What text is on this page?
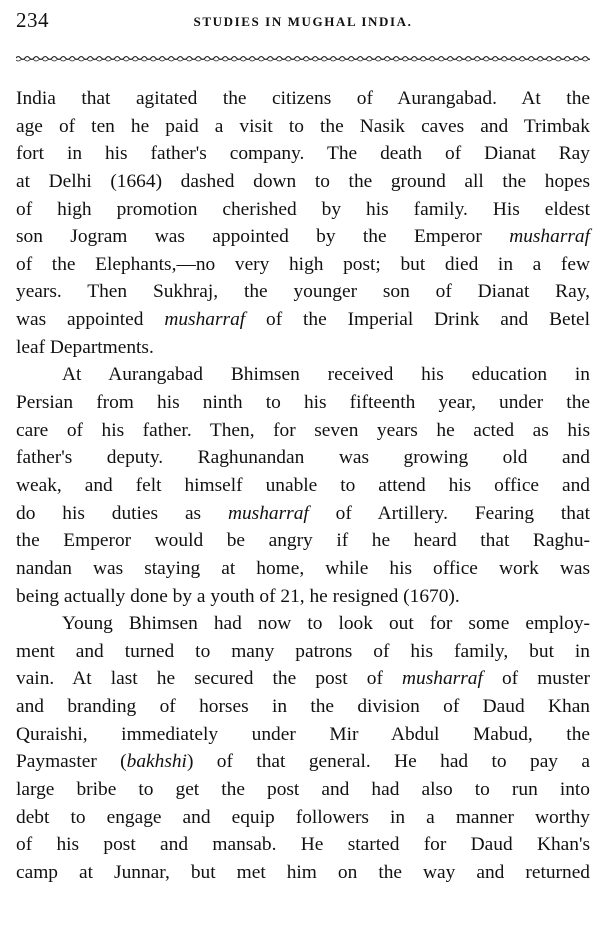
234	STUDIES IN MUGHAL INDIA.
India that agitated the citizens of Aurangabad. At the
age of ten he paid a visit to the Nasik caves and Trimbak
fort in his father's company. The death of Dianat Ray
at Delhi (1664) dashed down to the ground all the hopes
of high promotion cherished by his family. His eldest
son Jogram was appointed by the Emperor musharraf
of the Elephants,—no very high post; but died in a few
years. Then Sukhraj, the younger son of Dianat Ray,
was appointed musharraf of the Imperial Drink and Betel
leaf Departments.
At Aurangabad Bhimsen received his education in
Persian from his ninth to his fifteenth year, under the
care of his father. Then, for seven years he acted as his
father's deputy. Raghunandan was growing old and
weak, and felt himself unable to attend his office and
do his duties as musharraf of Artillery. Fearing that
the Emperor would be angry if he heard that Raghu-
nandan was staying at home, while his office work was
being actually done by a youth of 21, he resigned (1670).
Young Bhimsen had now to look out for some employ-
ment and turned to many patrons of his family, but in
vain. At last he secured the post of musharraf of muster
and branding of horses in the division of Daud Khan
Quraishi, immediately under Mir Abdul Mabud, the
Paymaster (bakhshi) of that general. He had to pay a
large bribe to get the post and had also to run into
debt to engage and equip followers in a manner worthy
of his post and mansab. He started for Daud Khan's
camp at Junnar, but met him on the way and returned
